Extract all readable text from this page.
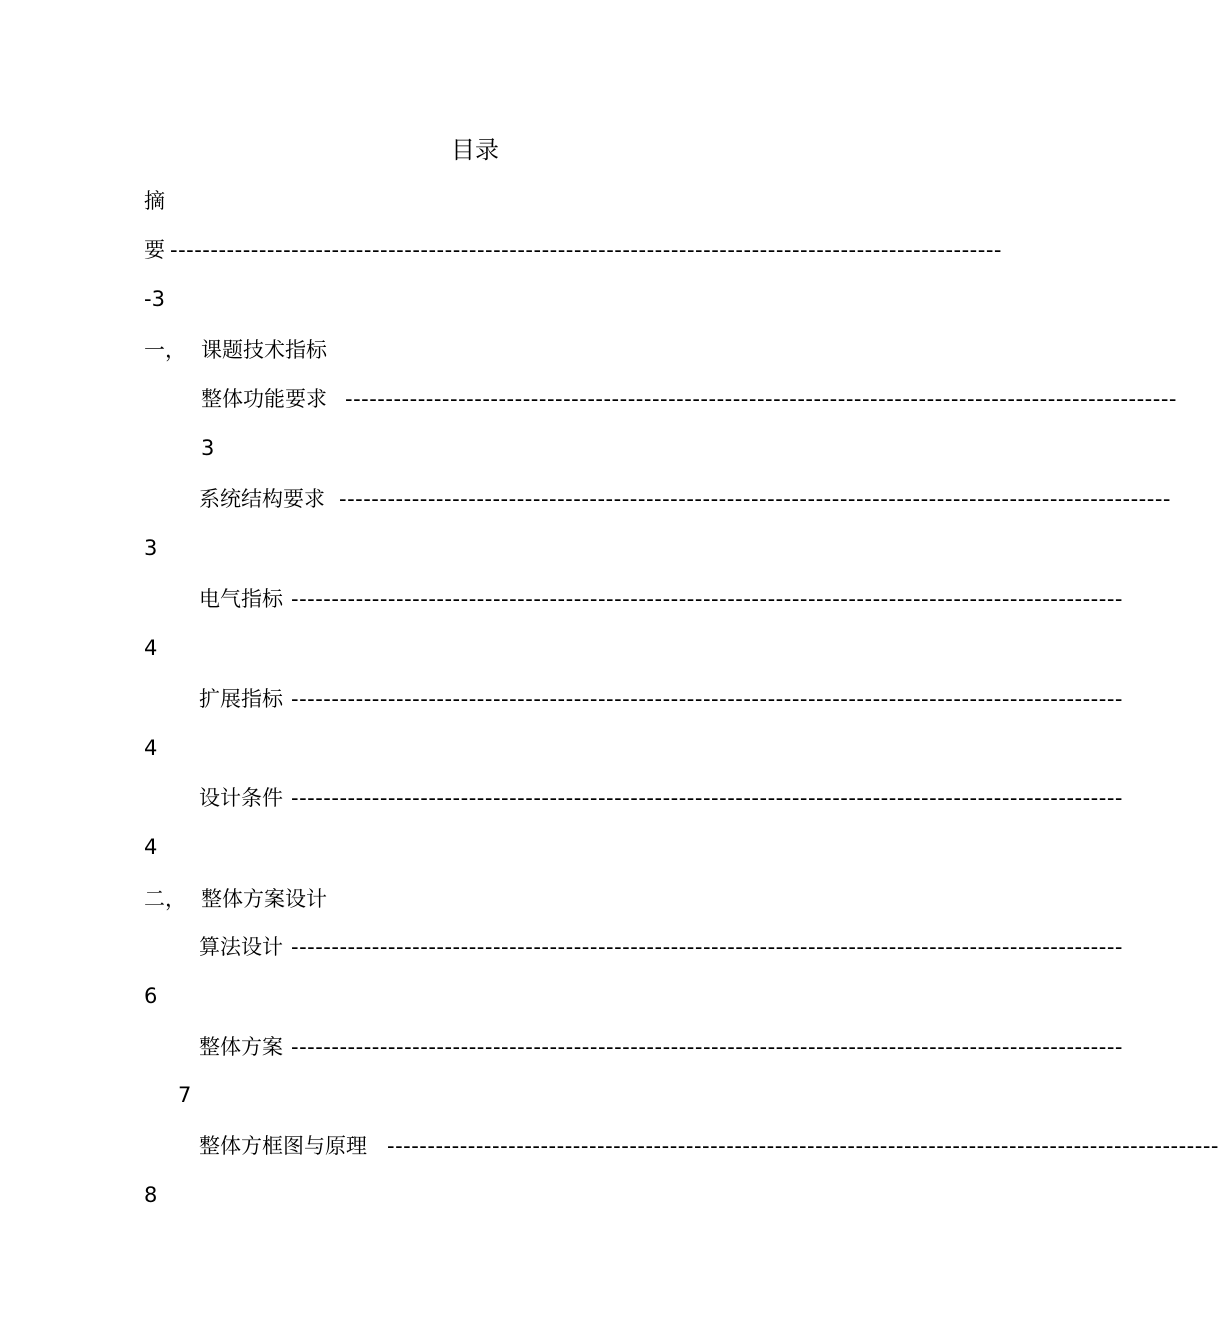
目录
摘
要 -------------------------------------------------------------------------------------------------------
-3
一， 课题技术指标
整体功能要求 -------------------------------------------------------------------------------------------------------
3
系统结构要求 -------------------------------------------------------------------------------------------------------
3
电气指标 -------------------------------------------------------------------------------------------------------
4
扩展指标 -------------------------------------------------------------------------------------------------------
4
设计条件 -------------------------------------------------------------------------------------------------------
4
二， 整体方案设计
算法设计 -------------------------------------------------------------------------------------------------------
6
整体方案 -------------------------------------------------------------------------------------------------------
7
整体方框图与原理 -------------------------------------------------------------------------------------------------------
8
